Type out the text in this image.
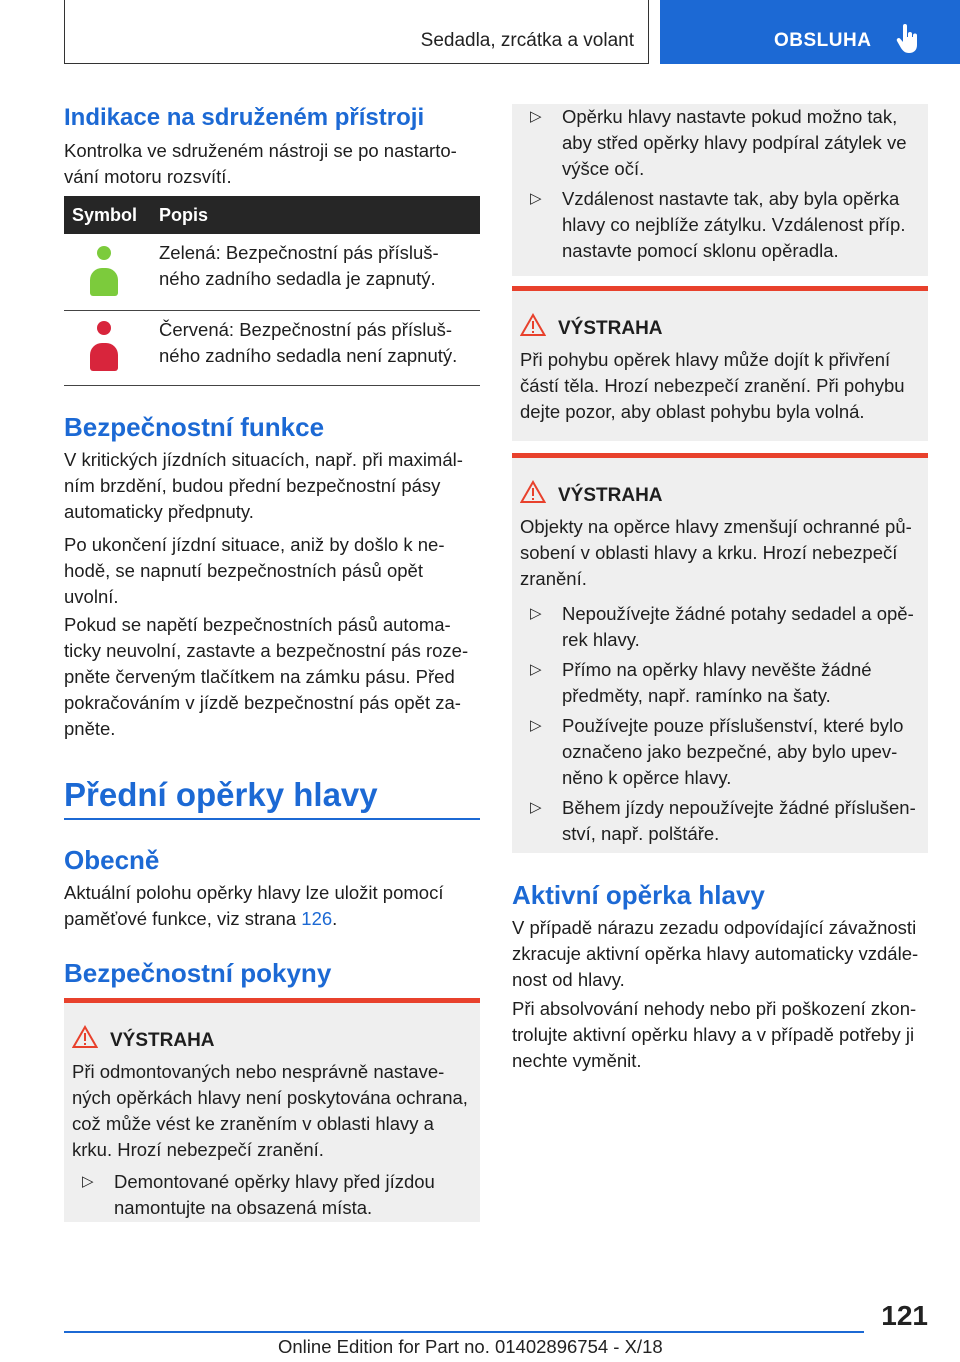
Sedadla, zrcátka a volant	OBSLUHA
Indikace na sdruženém přístroji

Kontrolka ve sdruženém nástroji se po nastarto-

vání motoru rozsvítí.

Symbol Popis

Zelená: Bezpečnostní pás přísluš-

ného zadního sedadla je zapnutý.

Červená: Bezpečnostní pás přísluš-

ného zadního sedadla není zapnutý.

Bezpečnostní funkce

V kritických jízdních situacích, např. při maximál-

ním brzdění, budou přední bezpečnostní pásy

automaticky předpnuty.

Po ukončení jízdní situace, aniž by došlo k ne-

hodě, se napnutí bezpečnostních pásů opět

uvolní.

Pokud se napětí bezpečnostních pásů automa-

ticky neuvolní, zastavte a bezpečnostní pás roze-

pněte červeným tlačítkem na zámku pásu. Před

pokračováním v jízdě bezpečnostní pás opět za-

pněte.

Přední opěrky hlavy
Obecně

Aktuální polohu opěrky hlavy lze uložit pomocí

paměťové funkce, viz strana 126.

Bezpečnostní pokyny
VÝSTRAHA

Při odmontovaných nebo nesprávně nastave-

ných opěrkách hlavy není poskytována ochrana,

což může vést ke zraněním v oblasti hlavy a

krku. Hrozí nebezpečí zranění.

▷ Demontované opěrky hlavy před jízdou

namontujte na obsazená místa.

▷ Opěrku hlavy nastavte pokud možno tak,

aby střed opěrky hlavy podpíral zátylek ve

výšce očí.

▷ Vzdálenost nastavte tak, aby byla opěrka

hlavy co nejblíže zátylku. Vzdálenost příp.

nastavte pomocí sklonu opěradla.

VÝSTRAHA

Při pohybu opěrek hlavy může dojít k přivření

částí těla. Hrozí nebezpečí zranění. Při pohybu

dejte pozor, aby oblast pohybu byla volná.

VÝSTRAHA

Objekty na opěrce hlavy zmenšují ochranné pů-

sobení v oblasti hlavy a krku. Hrozí nebezpečí

zranění.

▷ Nepoužívejte žádné potahy sedadel a opě-

rek hlavy.

▷ Přímo na opěrky hlavy nevěšte žádné

předměty, např. ramínko na šaty.

▷ Používejte pouze příslušenství, které bylo

označeno jako bezpečné, aby bylo upev-

něno k opěrce hlavy.

▷ Během jízdy nepoužívejte žádné příslušen-

ství, např. polštáře.

Aktivní opěrka hlavy

V případě nárazu zezadu odpovídající závažnosti

zkracuje aktivní opěrka hlavy automaticky vzdále-

nost od hlavy.

Při absolvování nehody nebo při poškození zkon-

trolujte aktivní opěrku hlavy a v případě potřeby ji

nechte vyměnit.

121
Online Edition for Part no. 01402896754 - X/18
